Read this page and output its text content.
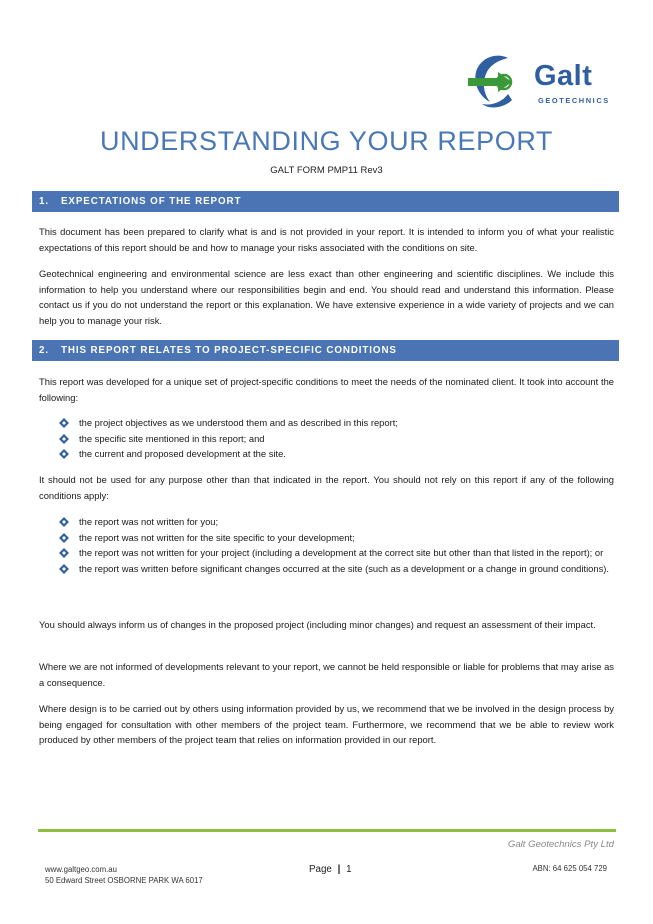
Galt
GEOTECHNICS
UNDERSTANDING YOUR REPORT
GALT FORM PMP11 Rev3
1. EXPECTATIONS OF THE REPORT

This document has been prepared to clarify what is and is not provided in your report. It is intended to inform you of what your realistic expectations of this report should be and how to manage your risks associated with the conditions on site.

Geotechnical engineering and environmental science are less exact than other engineering and scientific disciplines. We include this information to help you understand where our responsibilities begin and end. You should read and understand this information. Please contact us if you do not understand the report or this explanation. We have extensive experience in a wide variety of projects and we can help you to manage your risk.

2. THIS REPORT RELATES TO PROJECT-SPECIFIC CONDITIONS

This report was developed for a unique set of project-specific conditions to meet the needs of the nominated client. It took into account the following:

the project objectives as we understood them and as described in this report;
the specific site mentioned in this report; and
the current and proposed development at the site.

It should not be used for any purpose other than that indicated in the report. You should not rely on this report if any of the following conditions apply:

the report was not written for you;
the report was not written for the site specific to your development;
the report was not written for your project (including a development at the correct site but other than that listed in the report); or
the report was written before significant changes occurred at the site (such as a development or a change in ground conditions).

You should always inform us of changes in the proposed project (including minor changes) and request an assessment of their impact.

Where we are not informed of developments relevant to your report, we cannot be held responsible or liable for problems that may arise as a consequence.

Where design is to be carried out by others using information provided by us, we recommend that we be involved in the design process by being engaged for consultation with other members of the project team. Furthermore, we recommend that we be able to review work produced by other members of the project team that relies on information provided in our report.

Galt Geotechnics Pty Ltd
www.galtgeo.com.au
50 Edward Street OSBORNE PARK WA 6017
Page | 1	ABN: 64 625 054 729
